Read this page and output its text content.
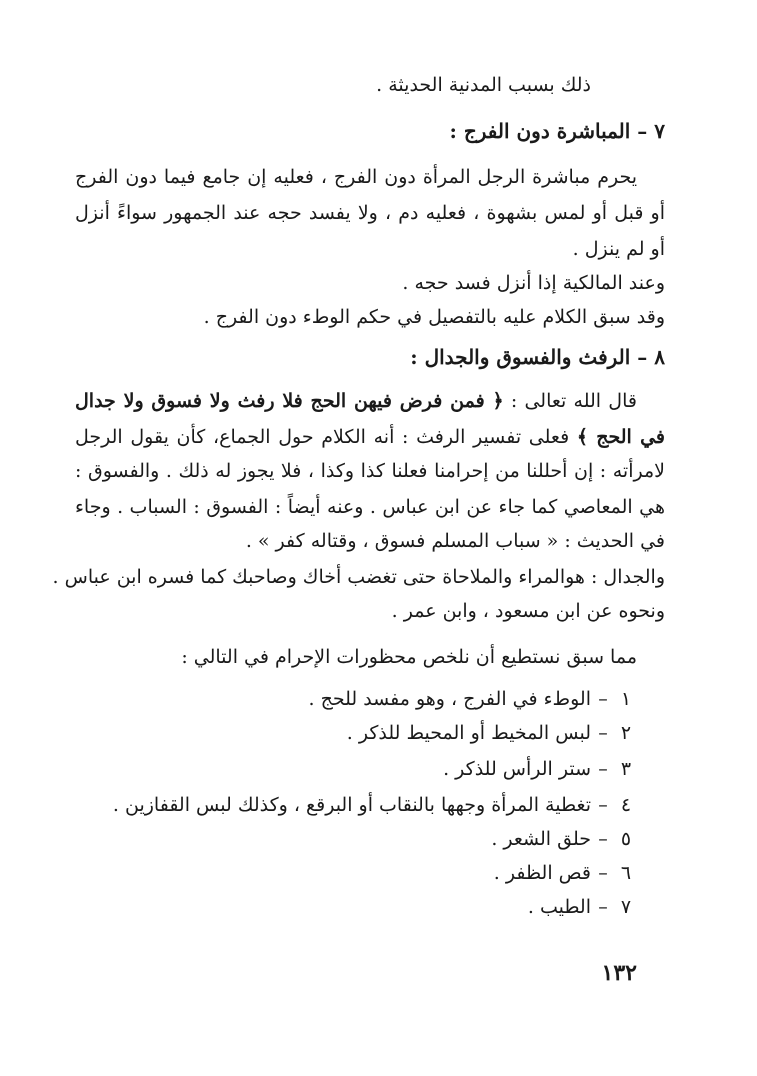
ذلك بسبب المدنية الحديثة .
٧ – المباشرة دون الفرج :
يحرم مباشرة الرجل المرأة دون الفرج ، فعليه إن جامع فيما دون الفرج
أو قبل أو لمس بشهوة ، فعليه دم ، ولا يفسد حجه عند الجمهور سواءً أنزل
أو لم ينزل .
وعند المالكية إذا أنزل فسد حجه .
وقد سبق الكلام عليه بالتفصيل في حكم الوطء دون الفرج .
٨ – الرفث والفسوق والجدال :
قال الله تعالى : ﴿ فمن فرض فيهن الحج فلا رفث ولا فسوق ولا جدال
في الحج ﴾ فعلى تفسير الرفث : أنه الكلام حول الجماع، كأن يقول الرجل
لامرأته : إن أحللنا من إحرامنا فعلنا كذا وكذا ، فلا يجوز له ذلك . والفسوق :
هي المعاصي كما جاء عن ابن عباس . وعنه أيضاً : الفسوق : السباب . وجاء
في الحديث : « سباب المسلم فسوق ، وقتاله كفر » .
والجدال : هوالمراء والملاحاة حتى تغضب أخاك وصاحبك كما فسره ابن عباس .
ونحوه عن ابن مسعود ، وابن عمر .
مما سبق نستطيع أن نلخص محظورات الإحرام في التالي :
١–الوطء في الفرج ، وهو مفسد للحج .
٢–لبس المخيط أو المحيط للذكر .
٣–ستر الرأس للذكر .
٤–تغطية المرأة وجهها بالنقاب أو البرقع ، وكذلك لبس القفازين .
٥–حلق الشعر .
٦–قص الظفر .
٧–الطيب .
١٣٢
